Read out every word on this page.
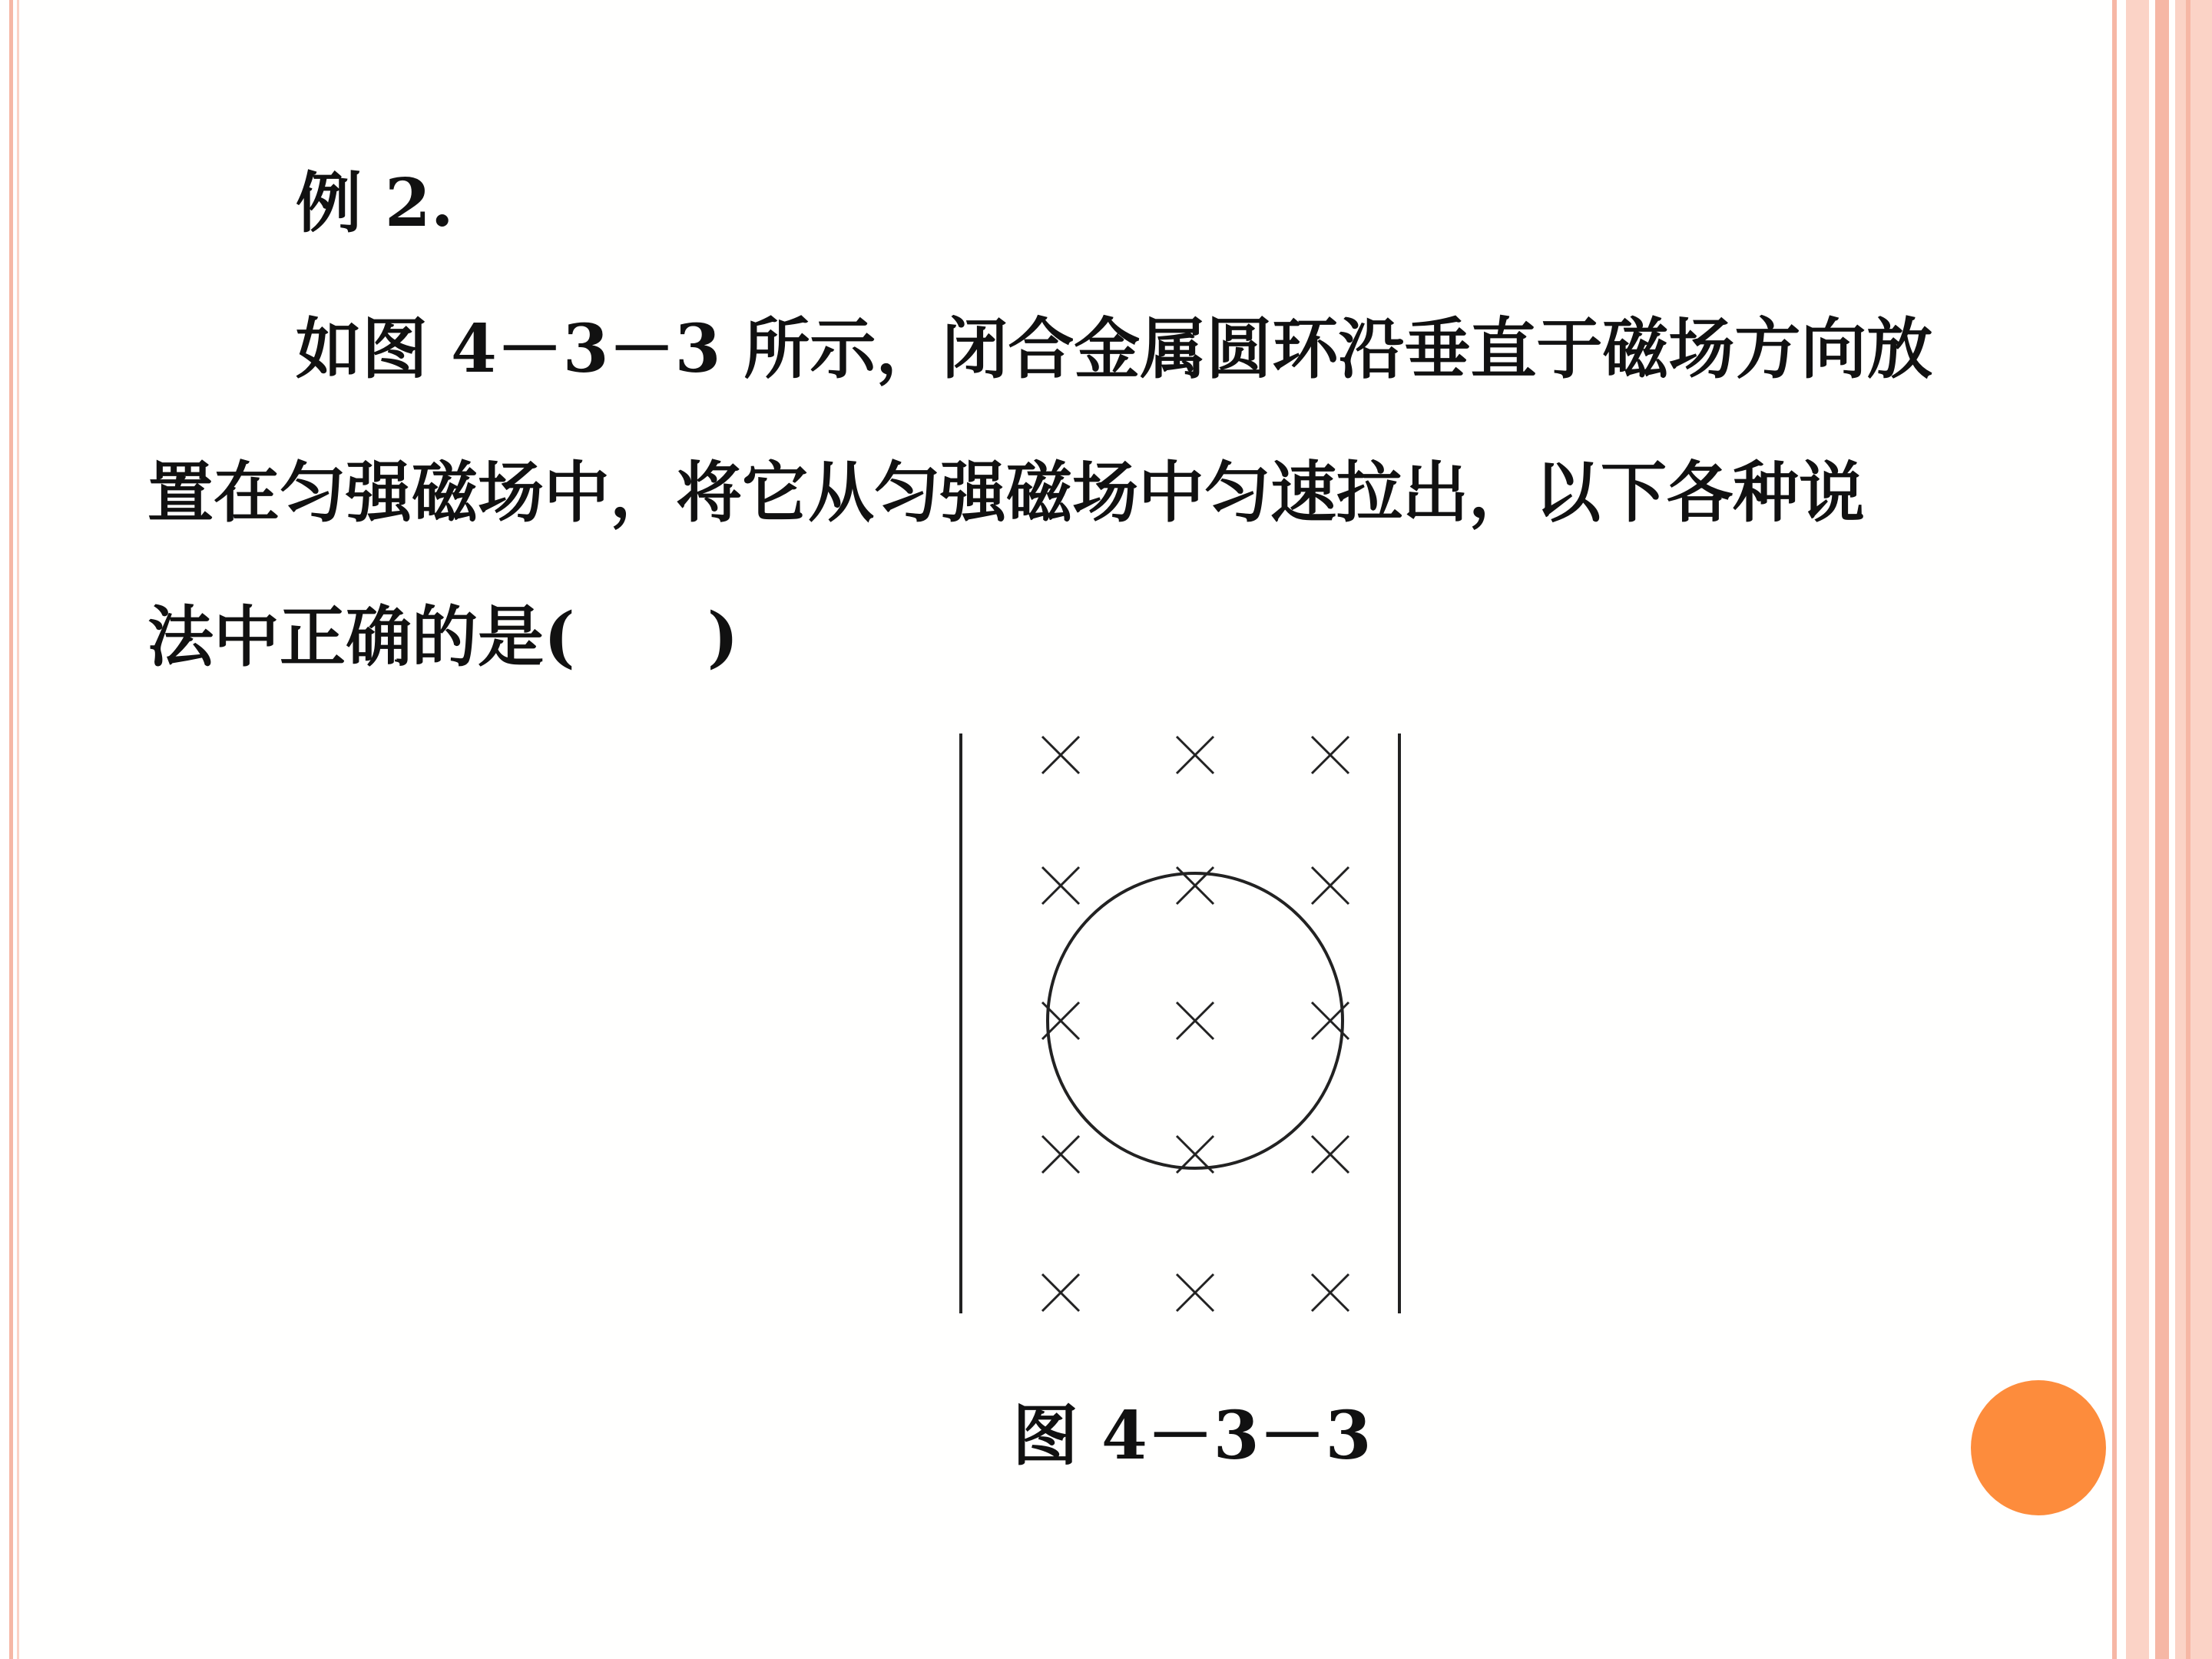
例 2.
如图 4－3－3 所示，闭合金属圆环沿垂直于磁场方向放
置在匀强磁场中，将它从匀强磁场中匀速拉出，以下各种说
法中正确的是(　　)
图 4－3－3
